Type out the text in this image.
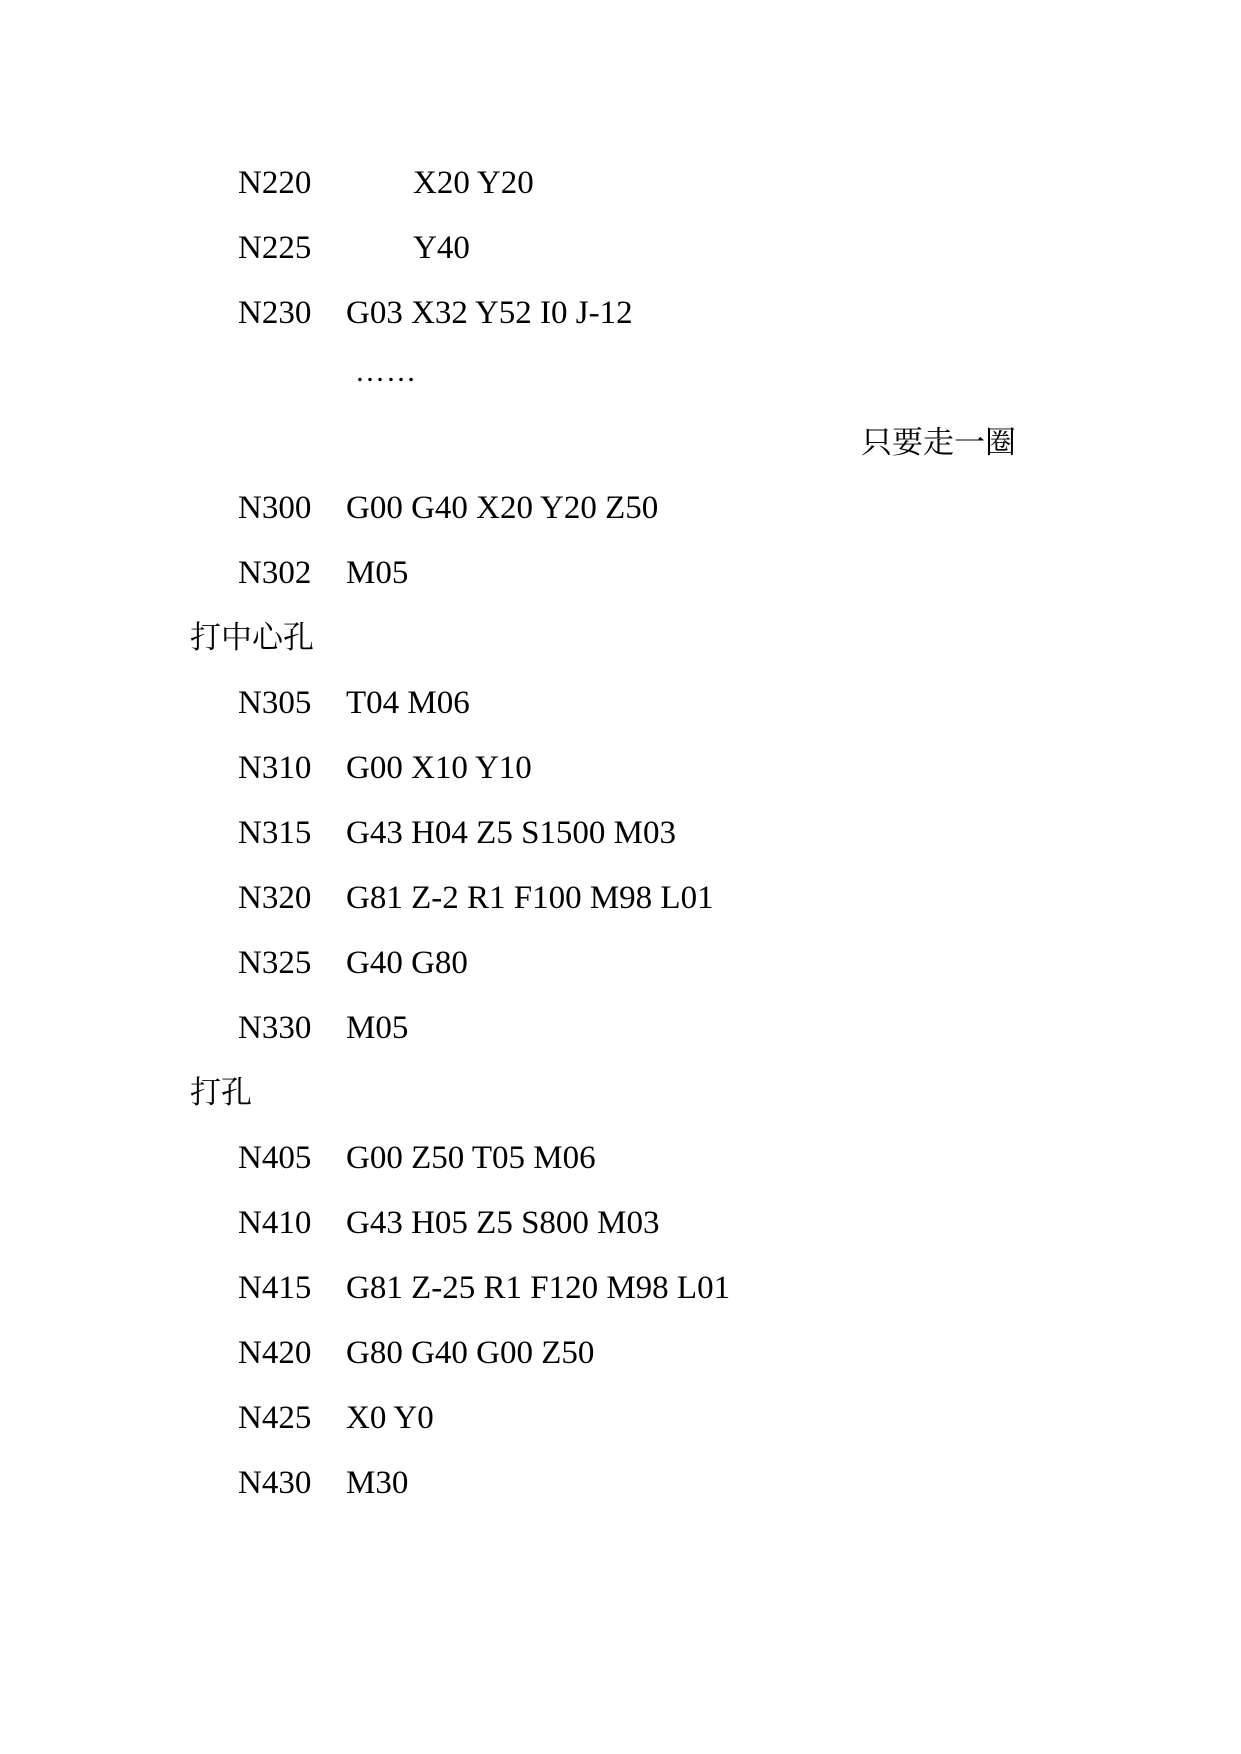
N220	X20 Y20
N225	Y40
N230 G03 X32 Y52 I0 J-12
……
只要走一圈
N300 G00 G40 X20 Y20 Z50
N302 M05
打中心孔
N305 T04 M06
N310 G00 X10 Y10
N315 G43 H04 Z5 S1500 M03
N320 G81 Z-2 R1 F100 M98 L01
N325 G40 G80
N330 M05
打孔
N405 G00 Z50 T05 M06
N410 G43 H05 Z5 S800 M03
N415 G81 Z-25 R1 F120 M98 L01
N420 G80 G40 G00 Z50
N425 X0 Y0
N430 M30
